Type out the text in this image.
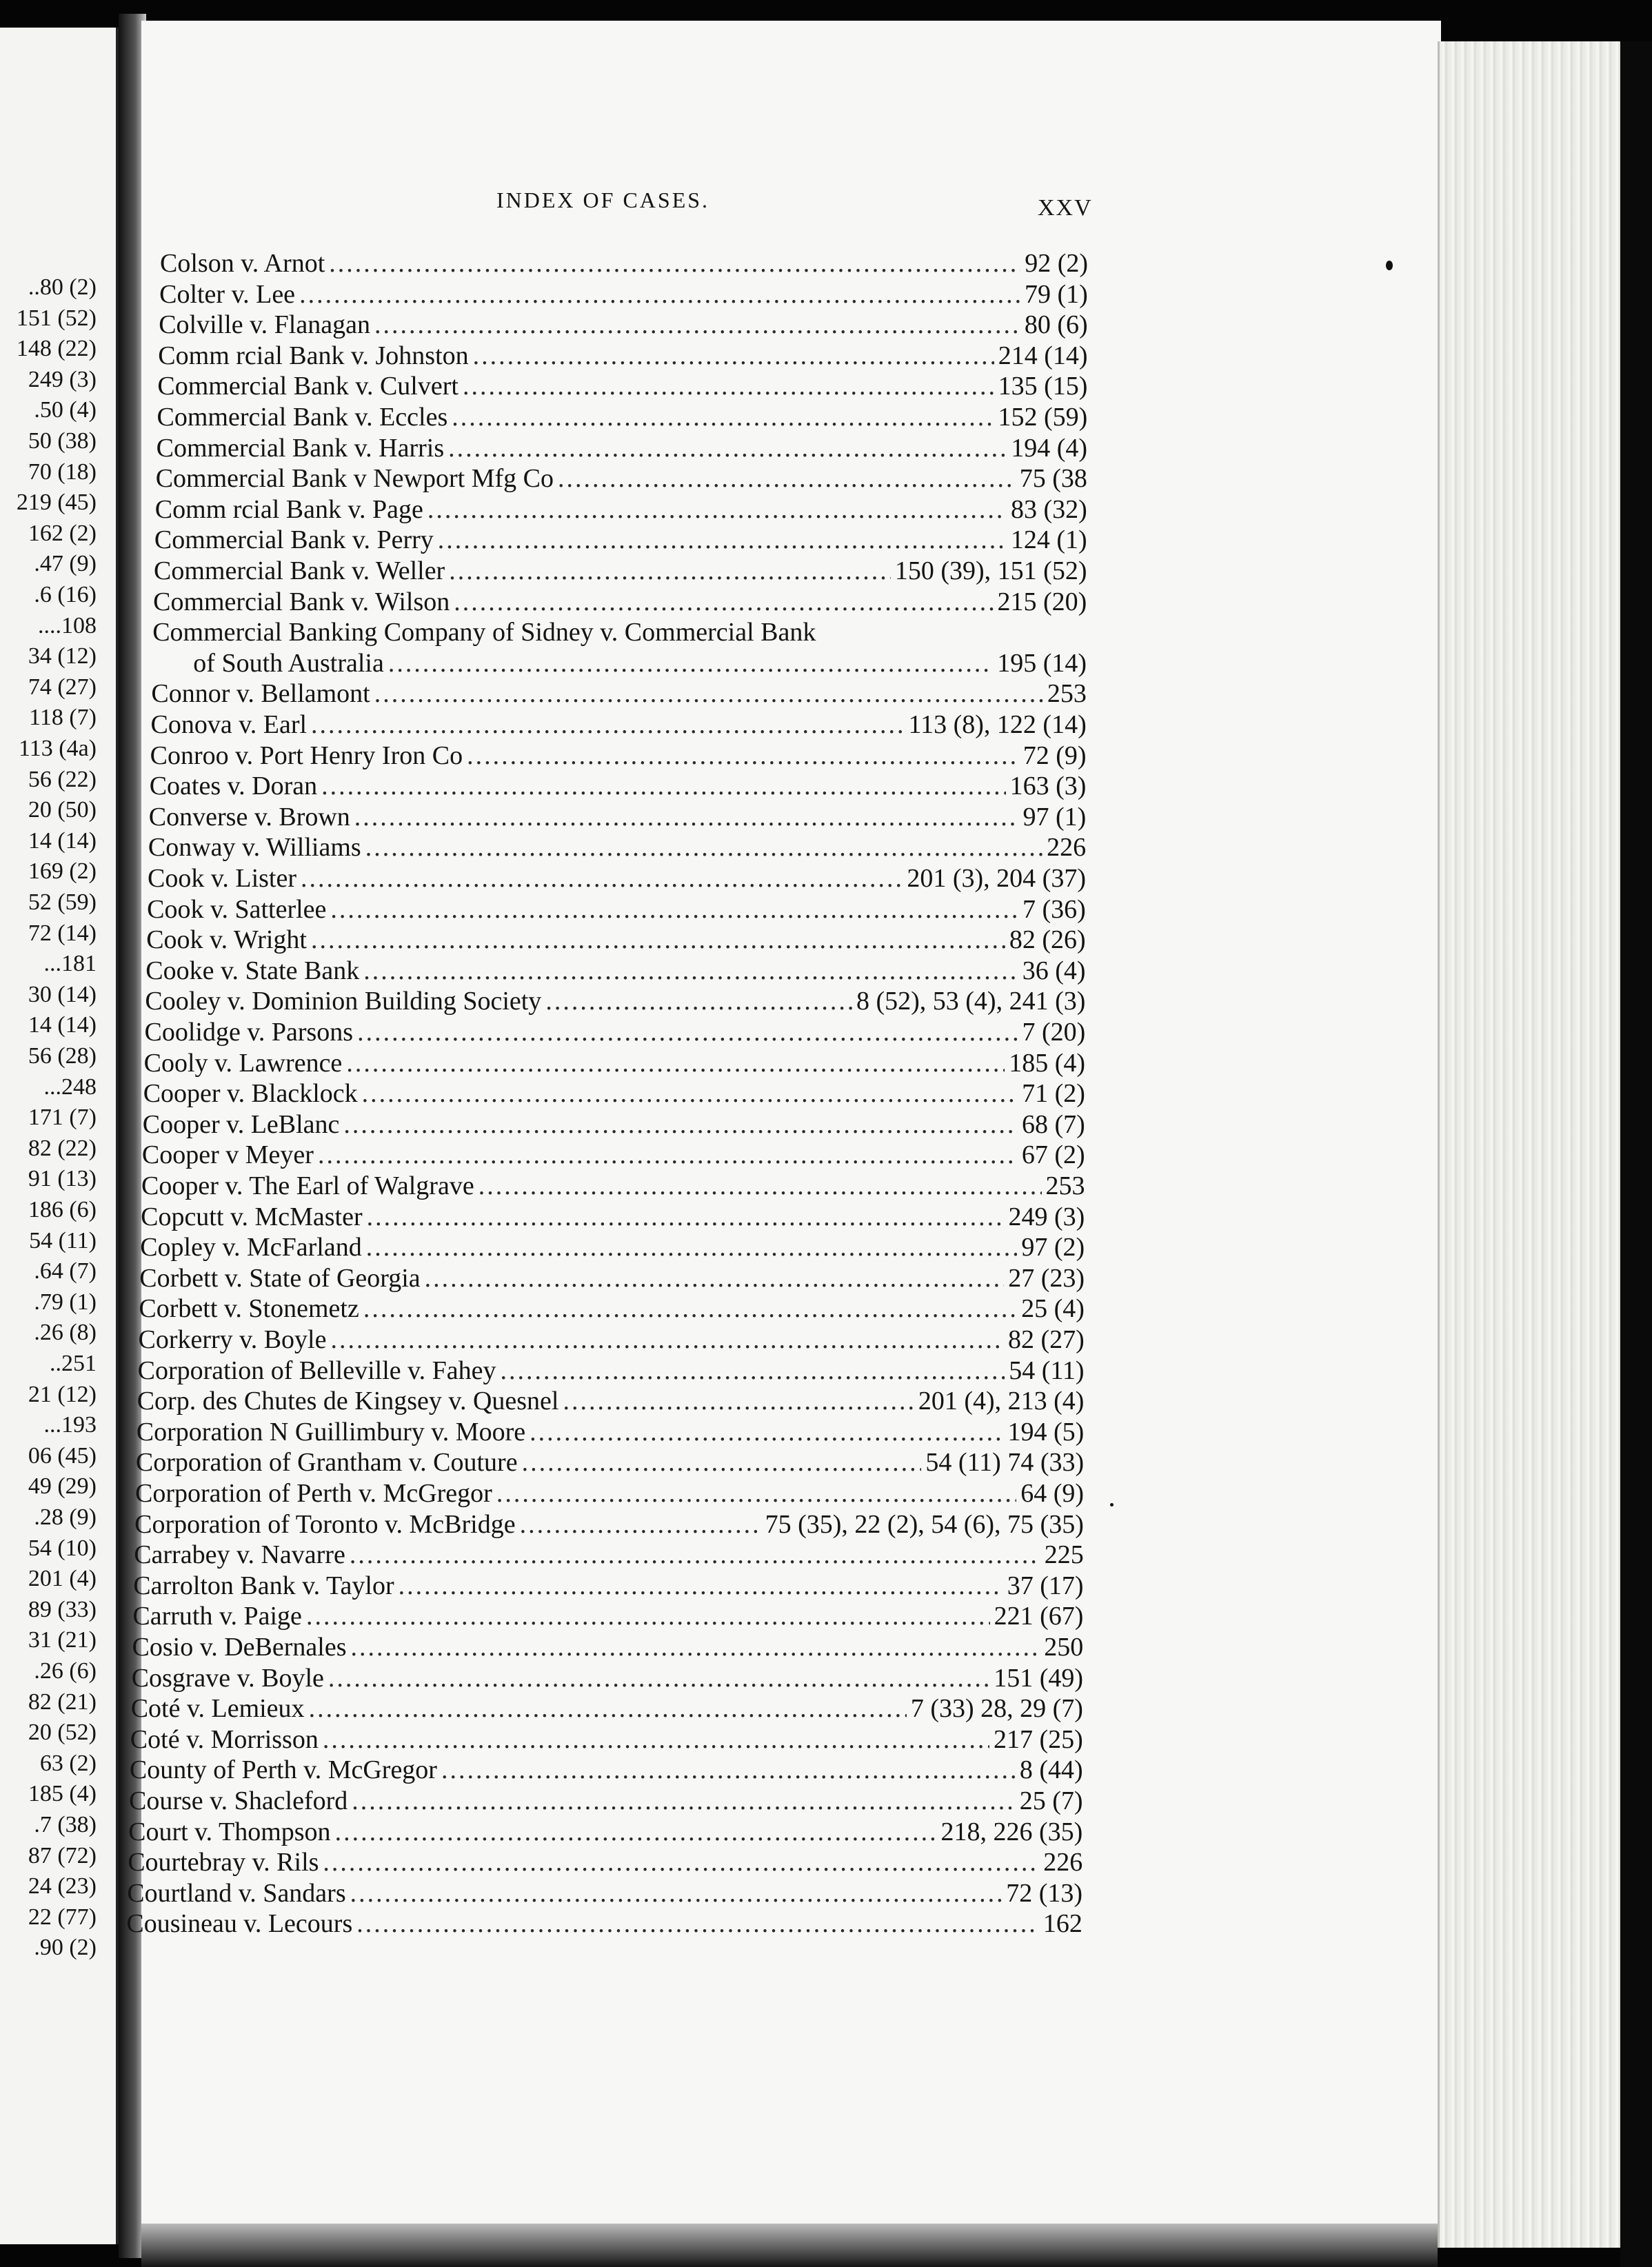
..80 (2)
151 (52)
148 (22)
249 (3)
.50 (4)
50 (38)
70 (18)
219 (45)
162 (2)
.47 (9)
.6 (16)
....108
34 (12)
74 (27)
118 (7)
113 (4a)
56 (22)
20 (50)
14 (14)
169 (2)
52 (59)
72 (14)
...181
30 (14)
14 (14)
56 (28)
...248
171 (7)
82 (22)
91 (13)
186 (6)
54 (11)
.64 (7)
.79 (1)
.26 (8)
..251
21 (12)
...193
06 (45)
49 (29)
.28 (9)
54 (10)
201 (4)
89 (33)
31 (21)
.26 (6)
82 (21)
20 (52)
63 (2)
185 (4)
.7 (38)
87 (72)
24 (23)
22 (77)
.90 (2)
INDEX OF CASES.	XXV
Colson v. Arnot .....	92 (2)
Colter v. Lee .....	79 (1)
Colville v. Flanagan .....	80 (6)
Comm rcial Bank v. Johnston .....	214 (14)
Commercial Bank v. Culvert .....	135 (15)
Commercial Bank v. Eccles .....	152 (59)
Commercial Bank v. Harris .....	194 (4)
Commercial Bank v Newport Mfg Co .....	75 (38
Comm rcial Bank v. Page .....	83 (32)
Commercial Bank v. Perry .....	124 (1)
Commercial Bank v. Weller .....	150 (39), 151 (52)
Commercial Bank v. Wilson .....	215 (20)
Commercial Banking Company of Sidney v. Commercial Bank
of South Australia .....	195 (14)
Connor v. Bellamont .....	253
Conova v. Earl .....	113 (8), 122 (14)
Conroo v. Port Henry Iron Co .....	72 (9)
Coates v. Doran .....	163 (3)
Converse v. Brown .....	97 (1)
Conway v. Williams .....	226
Cook v. Lister .....	201 (3), 204 (37)
Cook v. Satterlee .....	7 (36)
Cook v. Wright .....	82 (26)
Cooke v. State Bank .....	36 (4)
Cooley v. Dominion Building Society .....	8 (52), 53 (4), 241 (3)
Coolidge v. Parsons .....	7 (20)
Cooly v. Lawrence .....	185 (4)
Cooper v. Blacklock .....	71 (2)
Cooper v. LeBlanc .....	68 (7)
Cooper v Meyer .....	67 (2)
Cooper v. The Earl of Walgrave .....	253
Copcutt v. McMaster .....	249 (3)
Copley v. McFarland .....	97 (2)
Corbett v. State of Georgia .....	27 (23)
Corbett v. Stonemetz .....	25 (4)
Corkerry v. Boyle .....	82 (27)
Corporation of Belleville v. Fahey .....	54 (11)
Corp. des Chutes de Kingsey v. Quesnel .....	201 (4), 213 (4)
Corporation N Guillimbury v. Moore .....	194 (5)
Corporation of Grantham v. Couture .....	54 (11) 74 (33)
Corporation of Perth v. McGregor .....	64 (9)
Corporation of Toronto v. McBridge .....	75 (35), 22 (2), 54 (6), 75 (35)
Carrabey v. Navarre .....	225
Carrolton Bank v. Taylor .....	37 (17)
Carruth v. Paige .....	221 (67)
Cosio v. DeBernales .....	250
Cosgrave v. Boyle .....	151 (49)
Coté v. Lemieux .....	7 (33) 28, 29 (7)
Coté v. Morrisson .....	217 (25)
County of Perth v. McGregor .....	8 (44)
Course v. Shacleford .....	25 (7)
Court v. Thompson .....	218, 226 (35)
Courtebray v. Rils .....	226
Courtland v. Sandars .....	72 (13)
Cousineau v. Lecours .....	162
